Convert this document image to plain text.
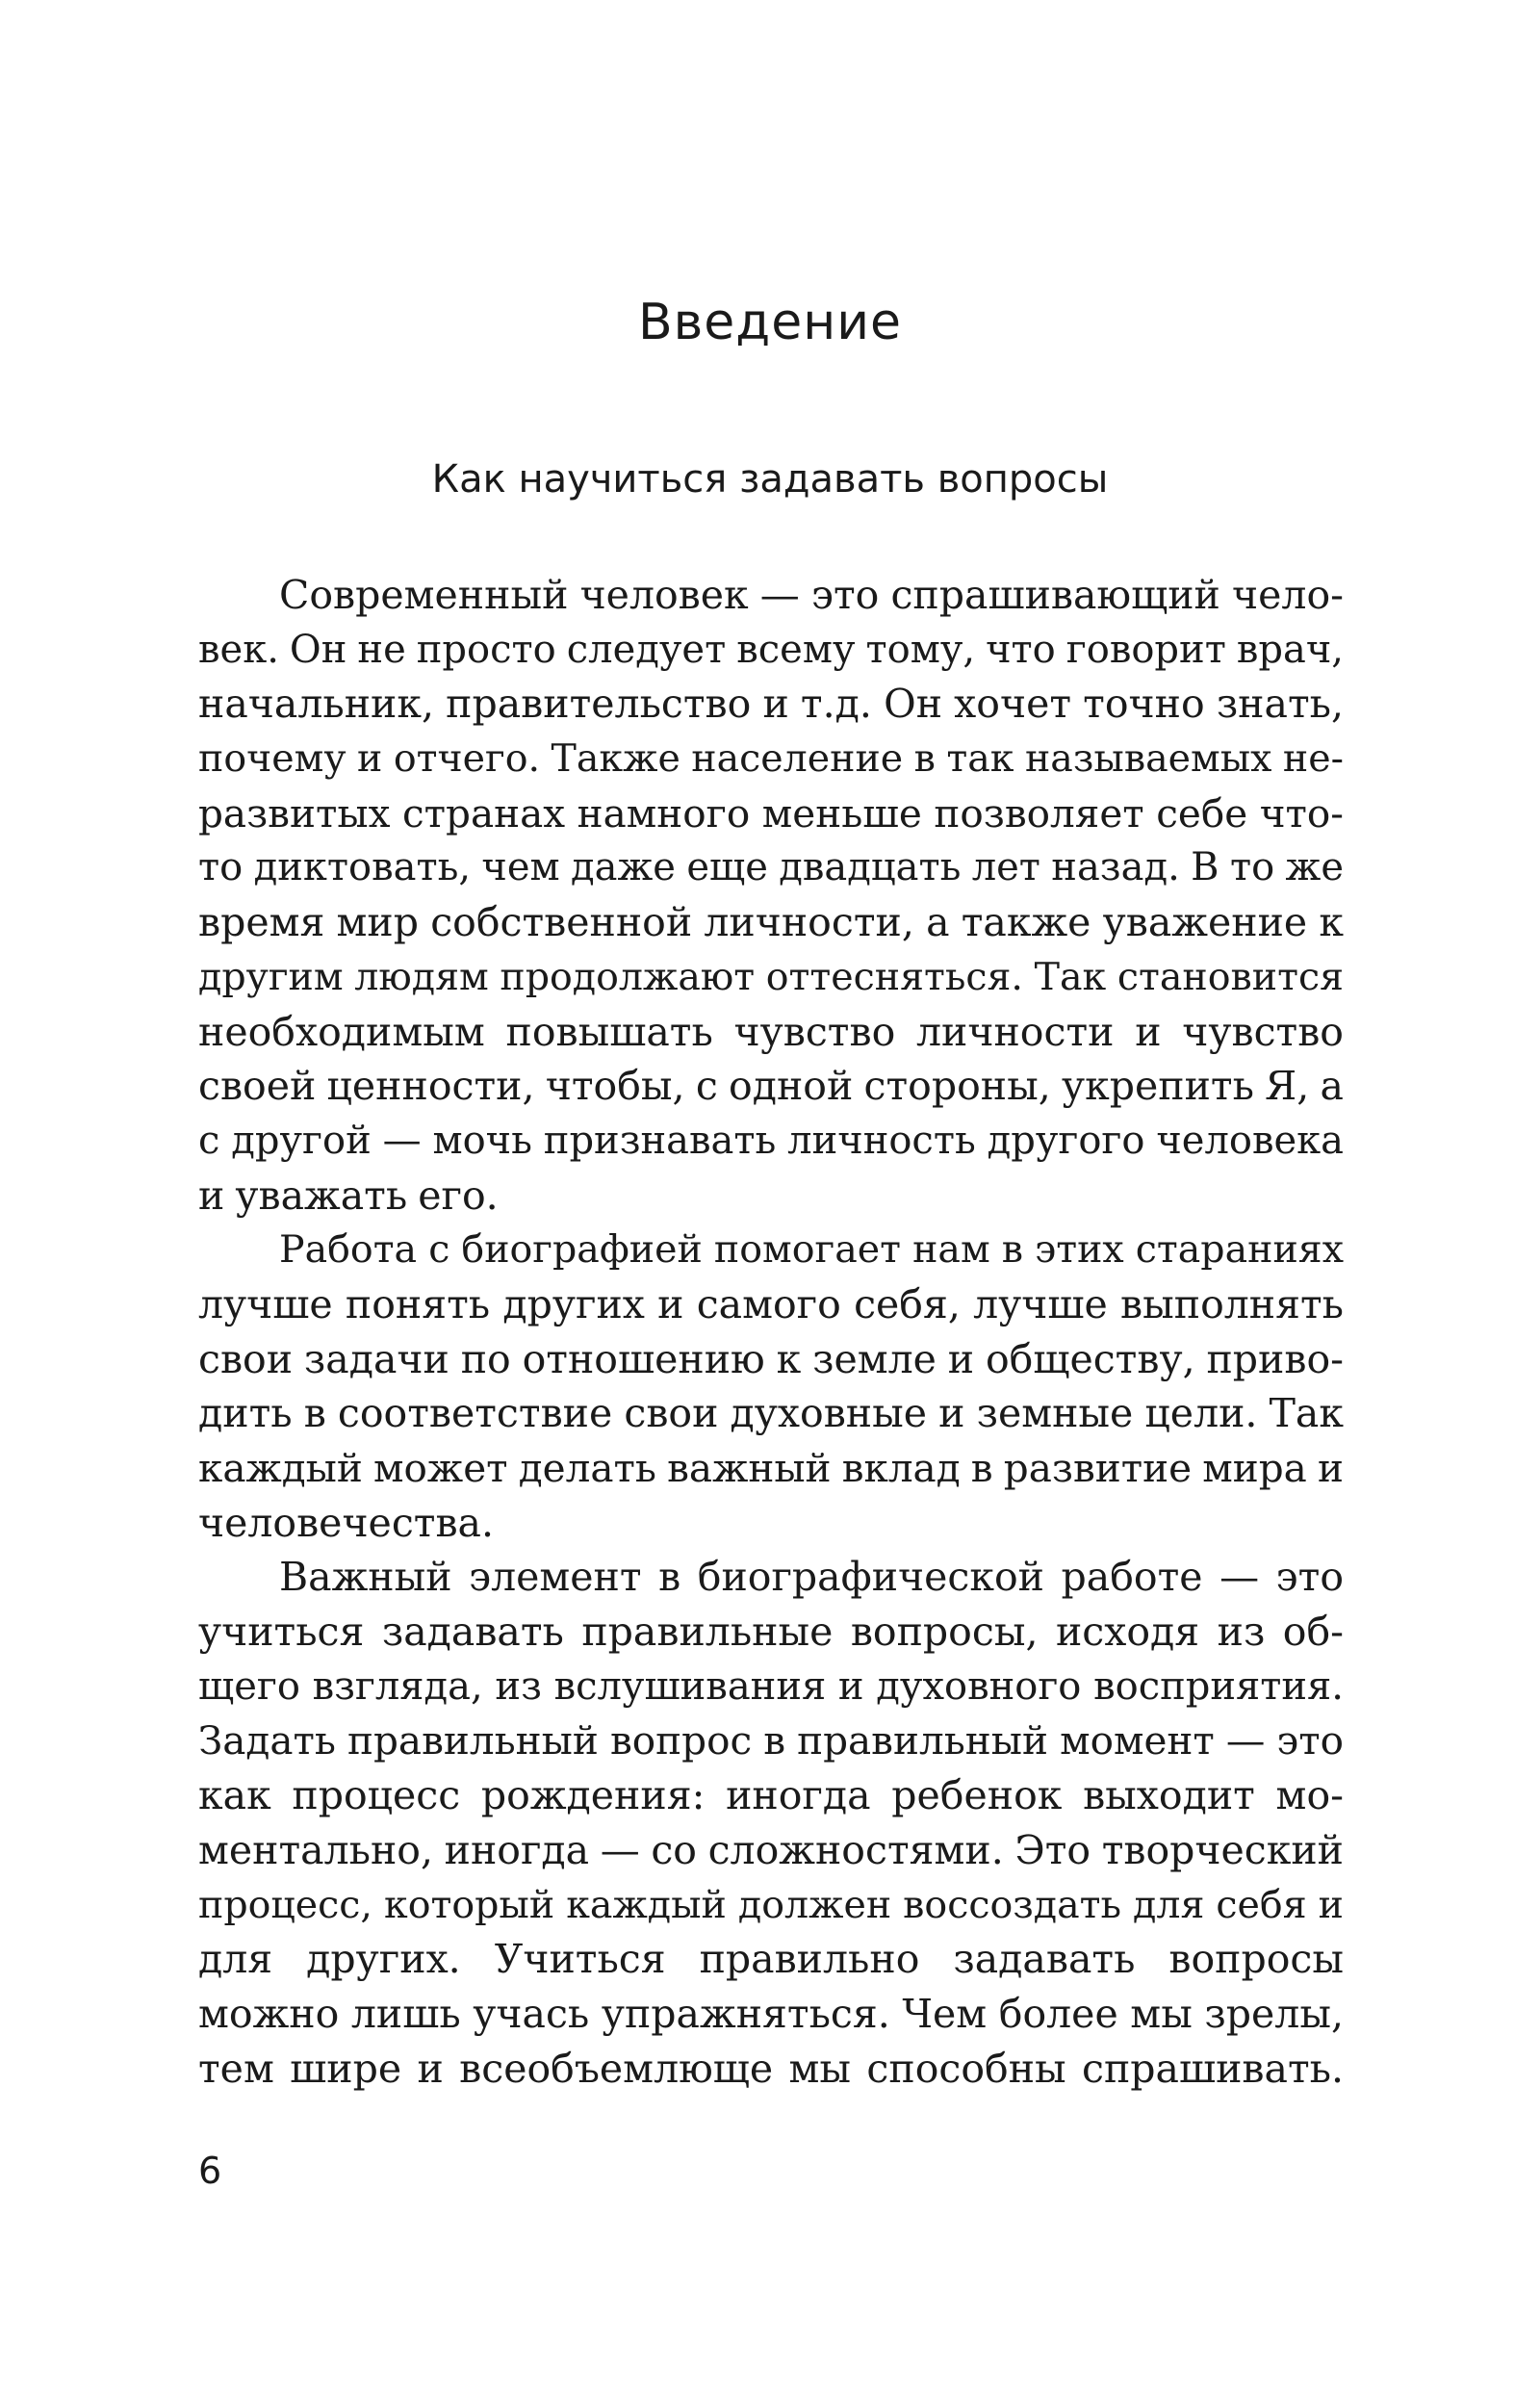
Введение
Как научиться задавать вопросы
Современный человек — это спрашивающий чело-
век. Он не просто следует всему тому, что говорит врач,
начальник, правительство и т.д. Он хочет точно знать,
почему и отчего. Также население в так называемых не-
развитых странах намного меньше позволяет себе что-
то диктовать, чем даже еще двадцать лет назад. В то же
время мир собственной личности, а также уважение к
другим людям продолжают оттесняться. Так становится
необходимым повышать чувство личности и чувство
своей ценности, чтобы, с одной стороны, укрепить Я, а
с другой — мочь признавать личность другого человека
и уважать его.
Работа с биографией помогает нам в этих стараниях
лучше понять других и самого себя, лучше выполнять
свои задачи по отношению к земле и обществу, приво-
дить в соответствие свои духовные и земные цели. Так
каждый может делать важный вклад в развитие мира и
человечества.
Важный элемент в биографической работе — это
учиться задавать правильные вопросы, исходя из об-
щего взгляда, из вслушивания и духовного восприятия.
Задать правильный вопрос в правильный момент — это
как процесс рождения: иногда ребенок выходит мо-
ментально, иногда — со сложностями. Это творческий
процесс, который каждый должен воссоздать для себя и
для других. Учиться правильно задавать вопросы
можно лишь учась упражняться. Чем более мы зрелы,
тем шире и всеобъемлюще мы способны спрашивать.
6
